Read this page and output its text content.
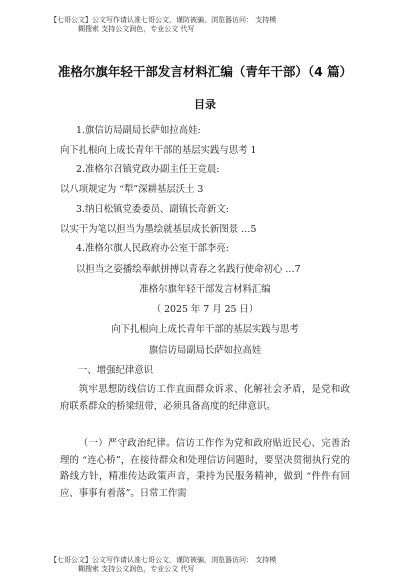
【七哥公文】公文写作请认准七哥公文，谨防被骗，浏览器访问： 支持模
糊搜索 支持公文润色，专业公文 代写
准格尔旗年轻干部发言材料汇编（青年干部）（4 篇）
目录
1.旗信访局副局长萨如拉高娃:
向下扎根向上成长青年干部的基层实践与思考 1
2.准格尔召镇党政办副主任王竞晨:
以八项规定为 “犁”深耕基层沃土 3
3.纳日松镇党委委员、副镇长奇新文:
以实干为笔以担当为墨绘就基层成长新图景 …5
4.准格尔旗人民政府办公室干部李亮:
以担当之姿播绘奉献拼搏以青春之名践行使命初心 …7
准格尔旗年轻干部发言材料汇编
（ 2025 年 7 月 25 日）
向下扎根向上成长青年干部的基层实践与思考
旗信访局副局长萨如拉高娃
一、增强纪律意识
筑牢思想防线信访工作直面群众诉求、化解社会矛盾，是党和政府联系群众的桥梁纽带，必须具备高度的纪律意识。
（一）严守政治纪律。信访工作作为党和政府贴近民心、完善治理的 “连心桥”，在接待群众和处理信访问题时，要坚决贯彻执行党的路线方针，精准传达政策声音，秉持为民服务精神，做到 “件件有回应、事事有着落”。日常工作需
【七哥公文】公文写作请认准七哥公文，谨防被骗，浏览器访问： 支持模
糊搜索 支持公文润色，专业公文 代写
